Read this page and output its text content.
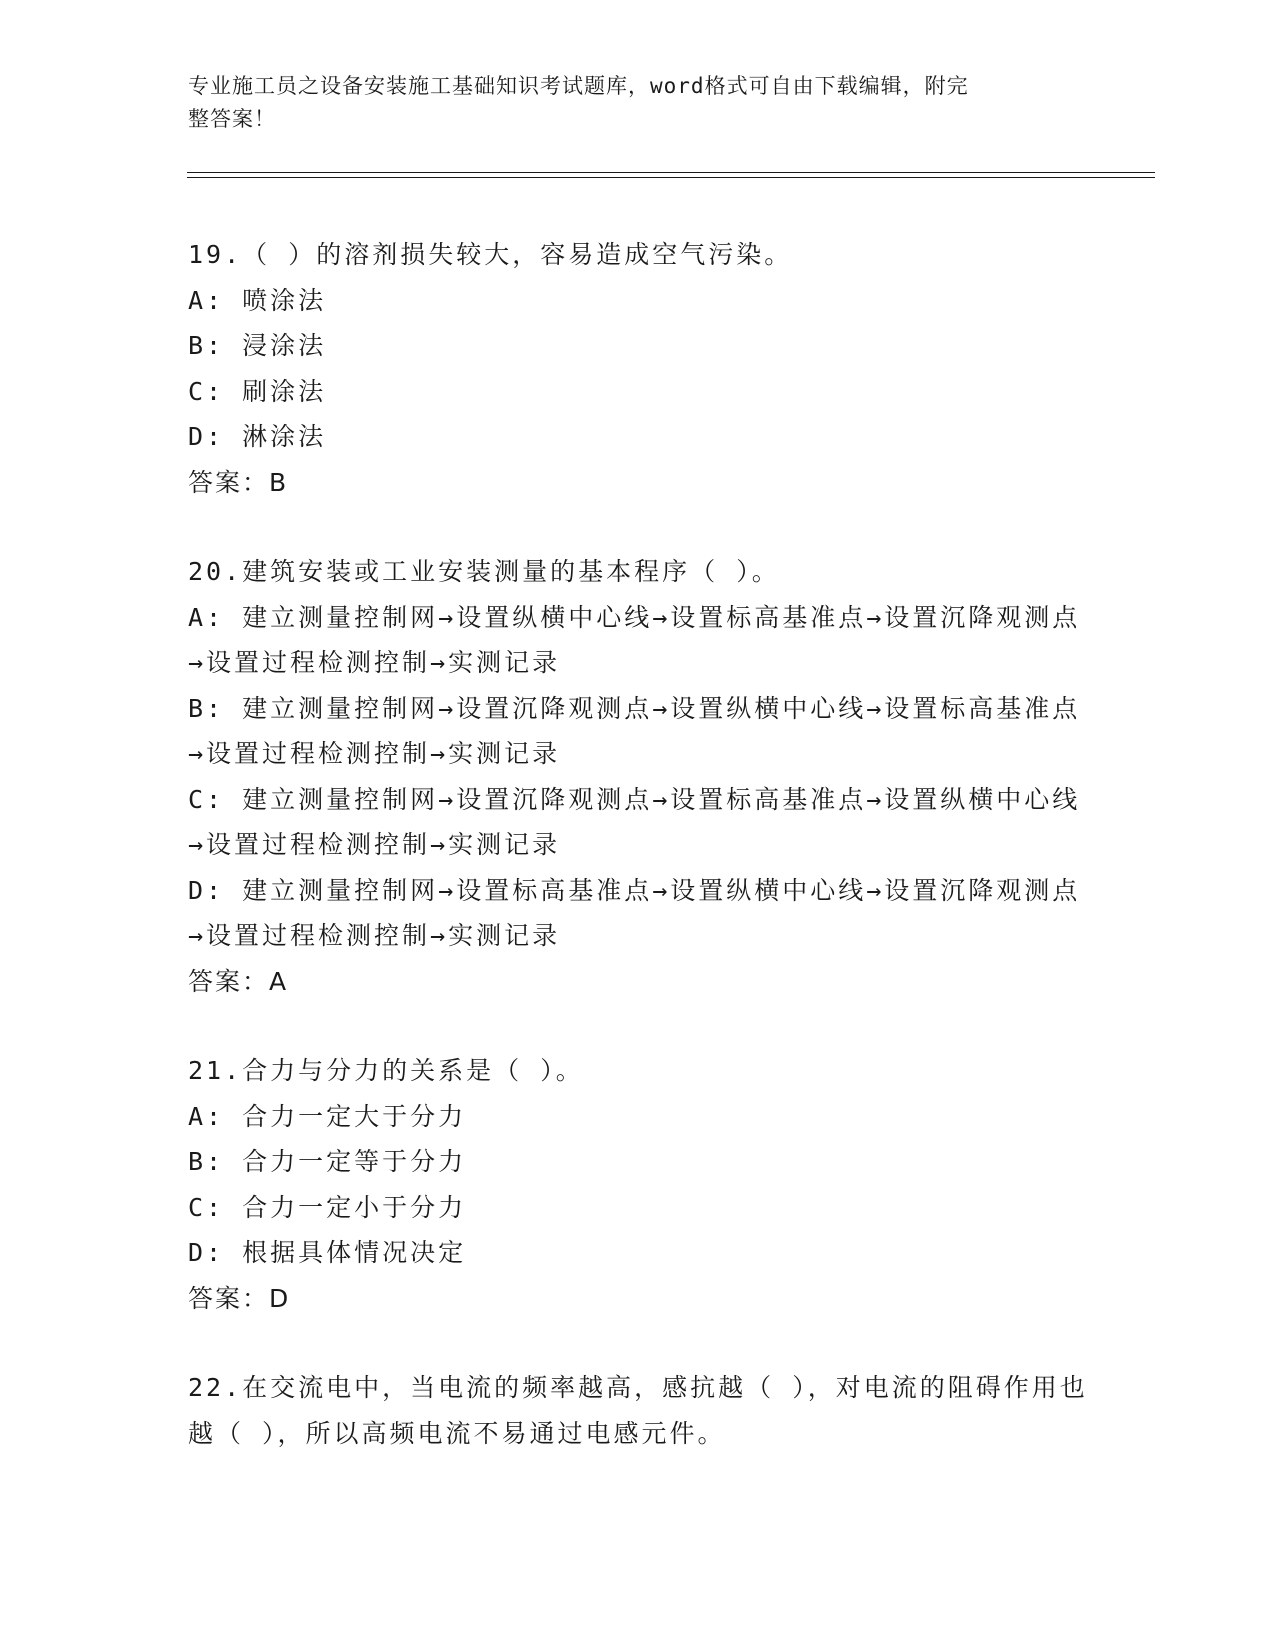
专业施工员之设备安装施工基础知识考试题库，word格式可自由下载编辑，附完
整答案！
19.（ ）的溶剂损失较大，容易造成空气污染。
A: 喷涂法
B: 浸涂法
C: 刷涂法
D: 淋涂法
答案：B
20.建筑安装或工业安装测量的基本程序（ ）。
A: 建立测量控制网→设置纵横中心线→设置标高基准点→设置沉降观测点→设置过程检测控制→实测记录
B: 建立测量控制网→设置沉降观测点→设置纵横中心线→设置标高基准点→设置过程检测控制→实测记录
C: 建立测量控制网→设置沉降观测点→设置标高基准点→设置纵横中心线→设置过程检测控制→实测记录
D: 建立测量控制网→设置标高基准点→设置纵横中心线→设置沉降观测点→设置过程检测控制→实测记录
答案：A
21.合力与分力的关系是（ ）。
A: 合力一定大于分力
B: 合力一定等于分力
C: 合力一定小于分力
D: 根据具体情况决定
答案：D
22.在交流电中，当电流的频率越高，感抗越（ ），对电流的阻碍作用也越（ ），所以高频电流不易通过电感元件。
